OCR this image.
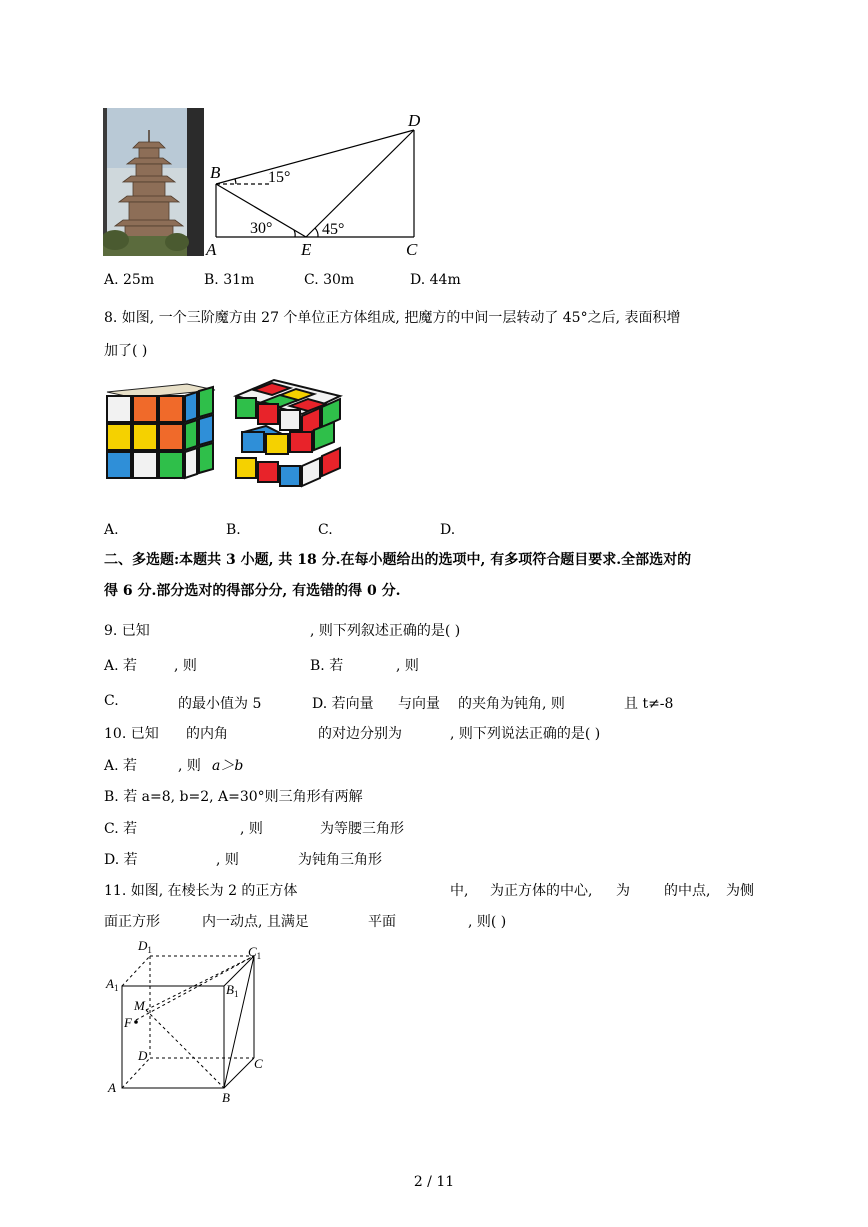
B
D
A	E	C
15°
30°	45°
A. 25m	B. 31m	C. 30m	D. 44m
8. 如图, 一个三阶魔方由 27 个单位正方体组成, 把魔方的中间一层转动了 45°之后, 表面积增
加了( )
A.	B.	C.	D.
二、多选题:本题共 3 小题, 共 18 分.在每小题给出的选项中, 有多项符合题目要求.全部选对的
得 6 分.部分选对的得部分分, 有选错的得 0 分.
9. 已知	, 则下列叙述正确的是( )
A. 若	, 则	B. 若	, 则
C.	的最小值为 5	D. 若向量 与向量 的夹角为钝角, 则	且 t≠-8
10. 已知 的内角	的对边分别为	, 则下列说法正确的是( )
A. 若	, 则 a＞b
B. 若 a=8, b=2, A=30°则三角形有两解
C. 若	, 则	为等腰三角形
D. 若	, 则	为钝角三角形
11. 如图, 在棱长为 2 的正方体	中, 为正方体的中心, 为 的中点, 为侧
面正方形	内一动点, 且满足	平面	, 则( )
$D_1$	$C_1$
$A_1$	$B_1$
M
F
D
C
A
B
2 / 11
